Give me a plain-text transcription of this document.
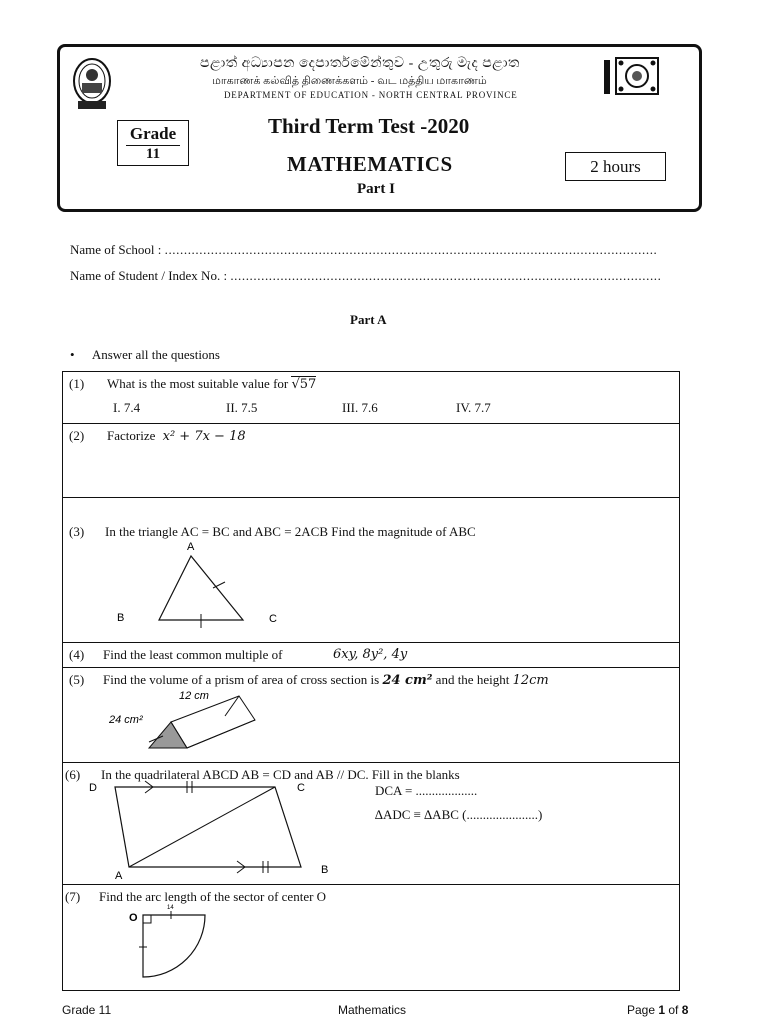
පළාත් අධ්‍යාපන දෙපාර්තමේන්තුව - උතුරු මැද පළාත
மாகாணக் கல்வித் திணைக்களம் - வட மத்திய மாகாணம்
DEPARTMENT OF EDUCATION - NORTH CENTRAL PROVINCE
Grade
11
Third Term Test -2020
MATHEMATICS
Part I
2 hours
Name of School : ................................................................................................................................
Name of Student / Index No. : ................................................................................................................
Part A
• Answer all the questions
(1) What is the most suitable value for √57
I. 7.4	II. 7.5	III. 7.6	IV. 7.7
(2) Factorize x² + 7x − 18
(3) In the triangle AC = BC and ABC = 2ACB Find the magnitude of ABC
A
B	C
(4) Find the least common multiple of	6xy, 8y², 4y
(5) Find the volume of a prism of area of cross section is 24 cm² and the height 12cm
12 cm
24 cm²
(6) In the quadrilateral ABCD AB = CD and AB // DC. Fill in the blanks
D	C
A	B
DCA = ...................
∆ADC ≡ ∆ABC (......................)
(7) Find the arc length of the sector of center O
O
14
Grade 11	Mathematics	Page 1 of 8
